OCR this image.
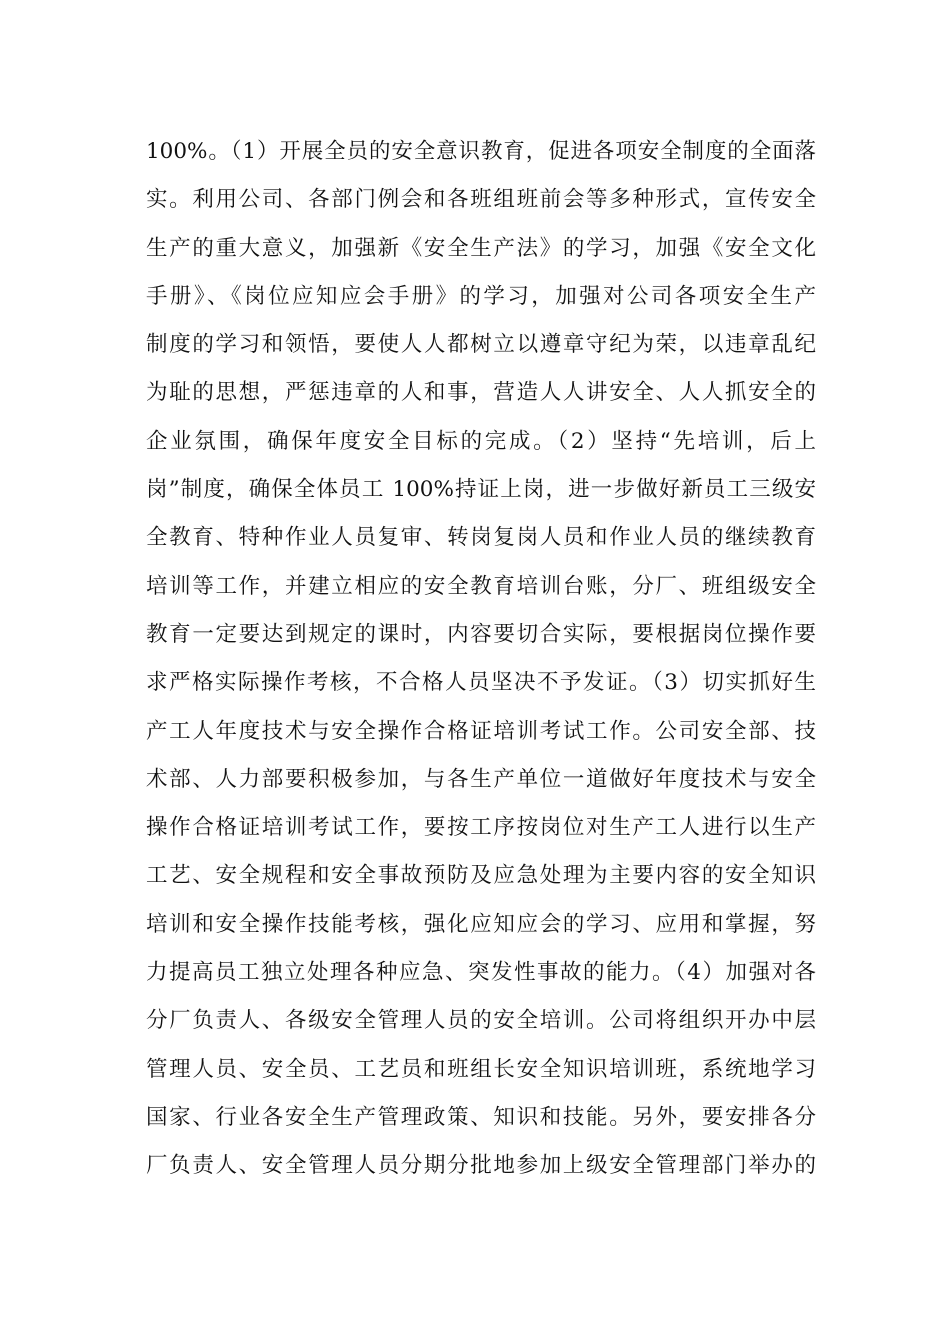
100%。（1）开展全员的安全意识教育，促进各项安全制度的全面落
实。利用公司、各部门例会和各班组班前会等多种形式，宣传安全
生产的重大意义，加强新《安全生产法》的学习，加强《安全文化
手册》、《岗位应知应会手册》的学习，加强对公司各项安全生产
制度的学习和领悟，要使人人都树立以遵章守纪为荣，以违章乱纪
为耻的思想，严惩违章的人和事，营造人人讲安全、人人抓安全的
企业氛围，确保年度安全目标的完成。（2）坚持“先培训，后上
岗”制度，确保全体员工 100%持证上岗，进一步做好新员工三级安
全教育、特种作业人员复审、转岗复岗人员和作业人员的继续教育
培训等工作，并建立相应的安全教育培训台账，分厂、班组级安全
教育一定要达到规定的课时，内容要切合实际，要根据岗位操作要
求严格实际操作考核，不合格人员坚决不予发证。（3）切实抓好生
产工人年度技术与安全操作合格证培训考试工作。公司安全部、技
术部、人力部要积极参加，与各生产单位一道做好年度技术与安全
操作合格证培训考试工作，要按工序按岗位对生产工人进行以生产
工艺、安全规程和安全事故预防及应急处理为主要内容的安全知识
培训和安全操作技能考核，强化应知应会的学习、应用和掌握，努
力提高员工独立处理各种应急、突发性事故的能力。（4）加强对各
分厂负责人、各级安全管理人员的安全培训。公司将组织开办中层
管理人员、安全员、工艺员和班组长安全知识培训班，系统地学习
国家、行业各安全生产管理政策、知识和技能。另外，要安排各分
厂负责人、安全管理人员分期分批地参加上级安全管理部门举办的
